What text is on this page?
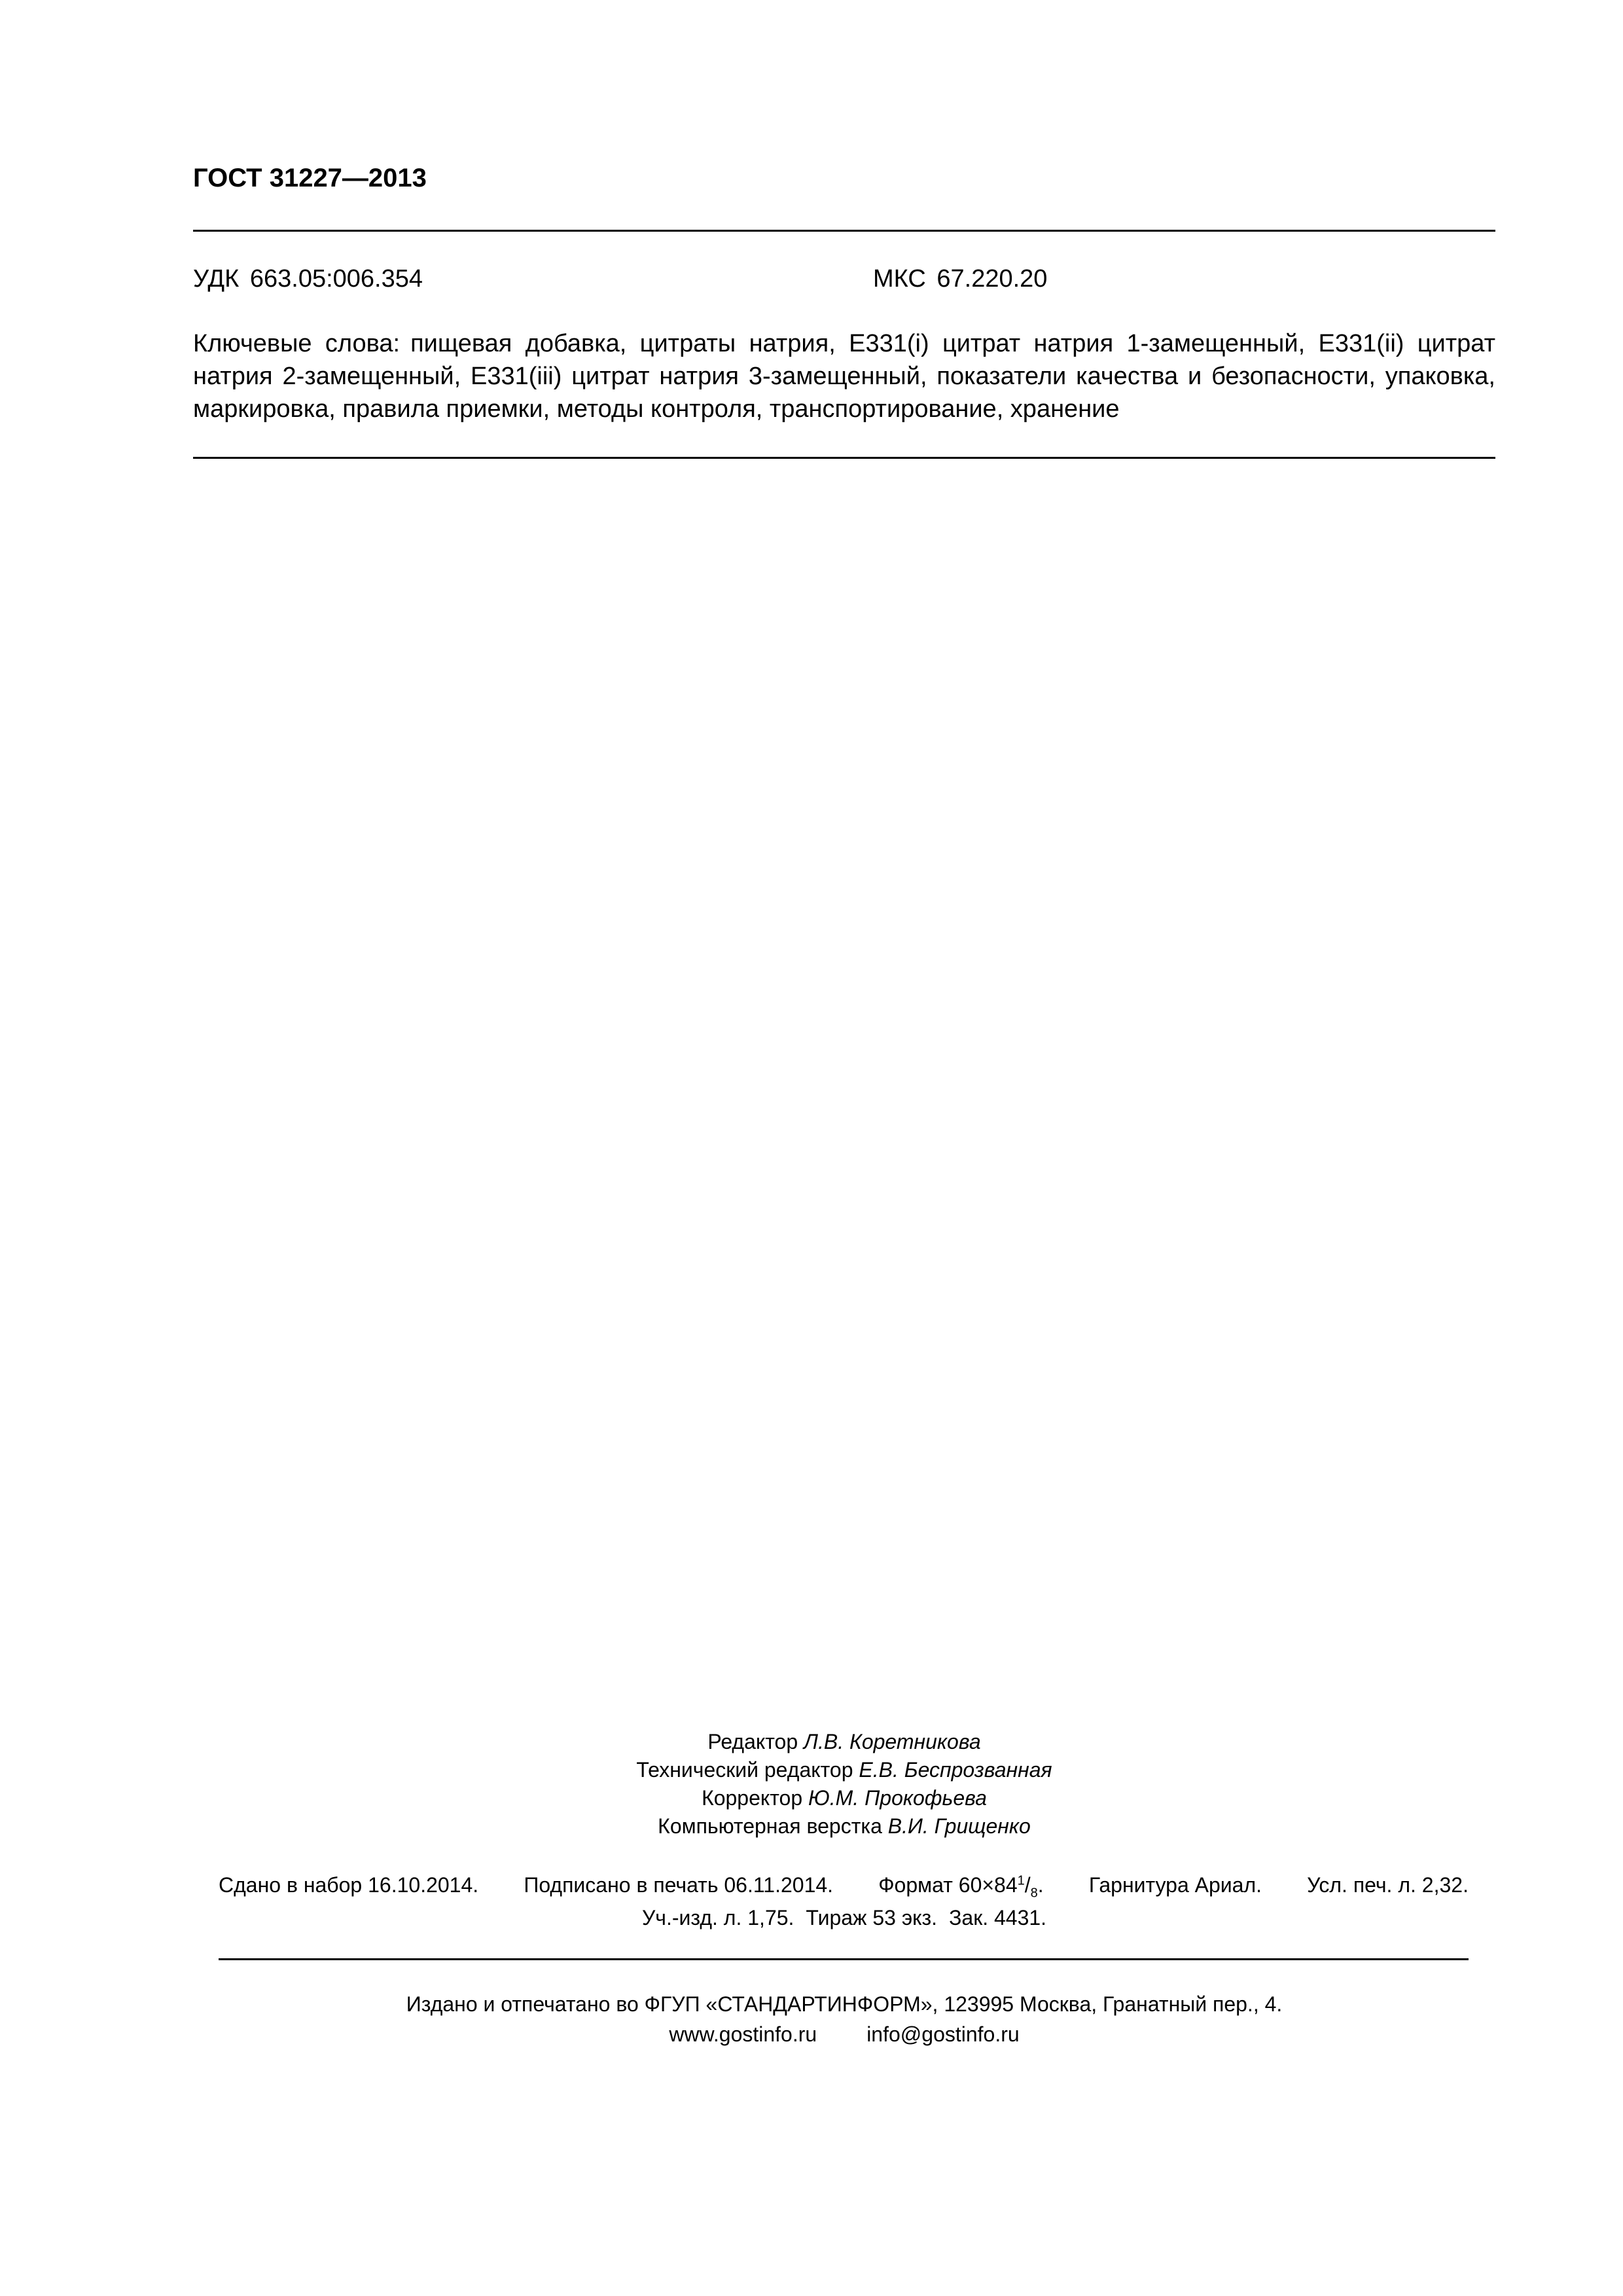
ГОСТ 31227—2013
УДК 663.05:006.354	МКС 67.220.20
Ключевые слова: пищевая добавка, цитраты натрия, E331(i) цитрат натрия 1-замещенный, E331(ii) цитрат натрия 2-замещенный, E331(iii) цитрат натрия 3-замещенный, показатели качества и безопасности, упаковка, маркировка, правила приемки, методы контроля, транспортирование, хранение
Редактор Л.В. Коретникова
Технический редактор Е.В. Беспрозванная
Корректор Ю.М. Прокофьева
Компьютерная верстка В.И. Грищенко
Сдано в набор 16.10.2014. Подписано в печать 06.11.2014. Формат $60\times 84^1/_8$. Гарнитура Ариал. Усл. печ. л. 2,32.
Уч.-изд. л. 1,75. Тираж 53 экз. Зак. 4431.
Издано и отпечатано во ФГУП «СТАНДАРТИНФОРМ», 123995 Москва, Гранатный пер., 4.
www.gostinfo.ru info@gostinfo.ru
